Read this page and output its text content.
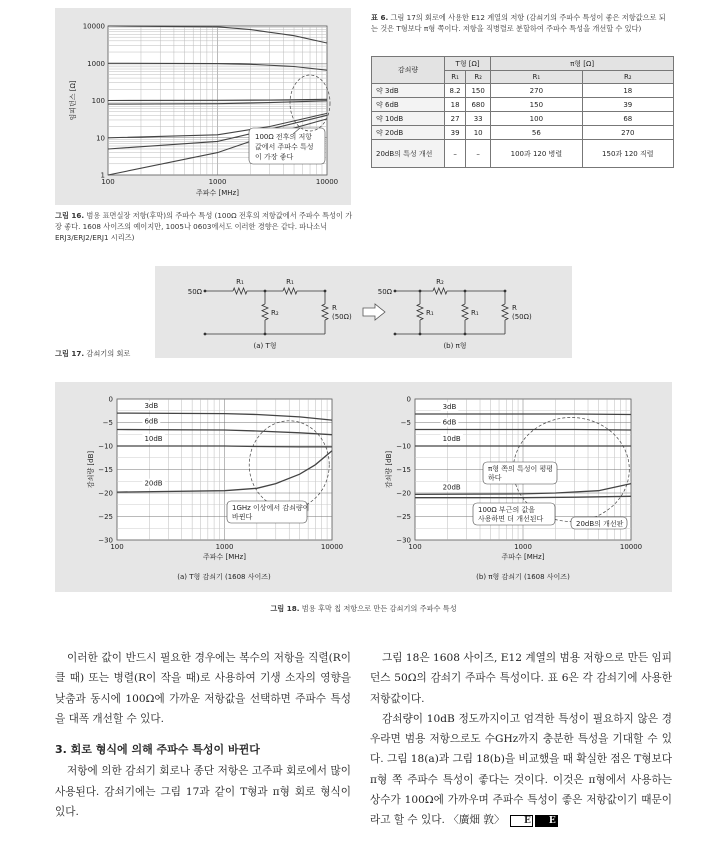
10000
1000
100
10
1
100	1000	10000
주파수 [MHz]
임피던스 [Ω]
100Ω 전후의 저항
값에서 주파수 특성
이 가장 좋다
그림 16. 범용 표면실장 저항(후막)의 주파수 특성 (100Ω 전후의 저항값에서 주파수 특성이 가장 좋다. 1608 사이즈의 예이지만, 1005나 0603에서도 이러한 경향은 같다. 파나소닉 ERJ3/ERJ2/ERJ1 시리즈)
표 6. 그림 17의 회로에 사용한 E12 계열의 저항 (감쇠기의 주파수 특성이 좋은 저항값으로 되는 것은 T형보다 π형 쪽이다. 저항을 직병렬로 분할하여 주파수 특성을 개선할 수 있다)
감쇠량	T형 [Ω]		π형 [Ω]	
	R₁	R₂	R₁	R₂
약 3dB	8.2	150	270	18
약 6dB	18	680	150	39
약 10dB	27	33	100	68
약 20dB	39	10	56	270
20dB의 특성 개선	–	–	100과 120 병렬	150과 120 직렬
50Ω
R₁	R₁
R₂
R
(50Ω)
(a) T형
50Ω
R₂
R₁	R₁
R
(50Ω)
(b) π형
그림 17. 감쇠기의 회로
0
−5
−10
−15
−20
−25
−30
100	1000	10000
주파수 [MHz]
감쇠량 [dB]
3dB
6dB
10dB
20dB
1GHz 이상에서 감쇠량이
바뀐다
(a) T형 감쇠기 (1608 사이즈)
0
−5
−10
−15
−20
−25
−30
100	1000	10000
주파수 [MHz]
감쇠량 [dB]
3dB
6dB
10dB
20dB
π형 쪽의 특성이 평평
하다
100Ω 부근의 값을
사용하면 더 개선된다
20dB의 개선판
(b) π형 감쇠기 (1608 사이즈)
그림 18. 범용 후막 칩 저항으로 만든 감쇠기의 주파수 특성

이러한 값이 반드시 필요한 경우에는 복수의 저항을 직렬(R이 클 때) 또는 병렬(R이 작을 때)로 사용하여 기생 소자의 영향을 낮춤과 동시에 100Ω에 가까운 저항값을 선택하면 주파수 특성을 대폭 개선할 수 있다.

3. 회로 형식에 의해 주파수 특성이 바뀐다

저항에 의한 감쇠기 회로나 종단 저항은 고주파 회로에서 많이 사용된다. 감쇠기에는 그림 17과 같이 T형과 π형 회로 형식이 있다.

그림 18은 1608 사이즈, E12 계열의 범용 저항으로 만든 임피던스 50Ω의 감쇠기 주파수 특성이다. 표 6은 각 감쇠기에 사용한 저항값이다.

감쇠량이 10dB 정도까지이고 엄격한 특성이 필요하지 않은 경우라면 범용 저항으로도 수GHz까지 충분한 특성을 기대할 수 있다. 그림 18(a)과 그림 18(b)을 비교했을 때 확실한 점은 T형보다 π형 쪽 주파수 특성이 좋다는 것이다. 이것은 π형에서 사용하는 상수가 100Ω에 가까우며 주파수 특성이 좋은 저항값이기 때문이라고 할 수 있다. 〈廣畑 敦〉 E E
